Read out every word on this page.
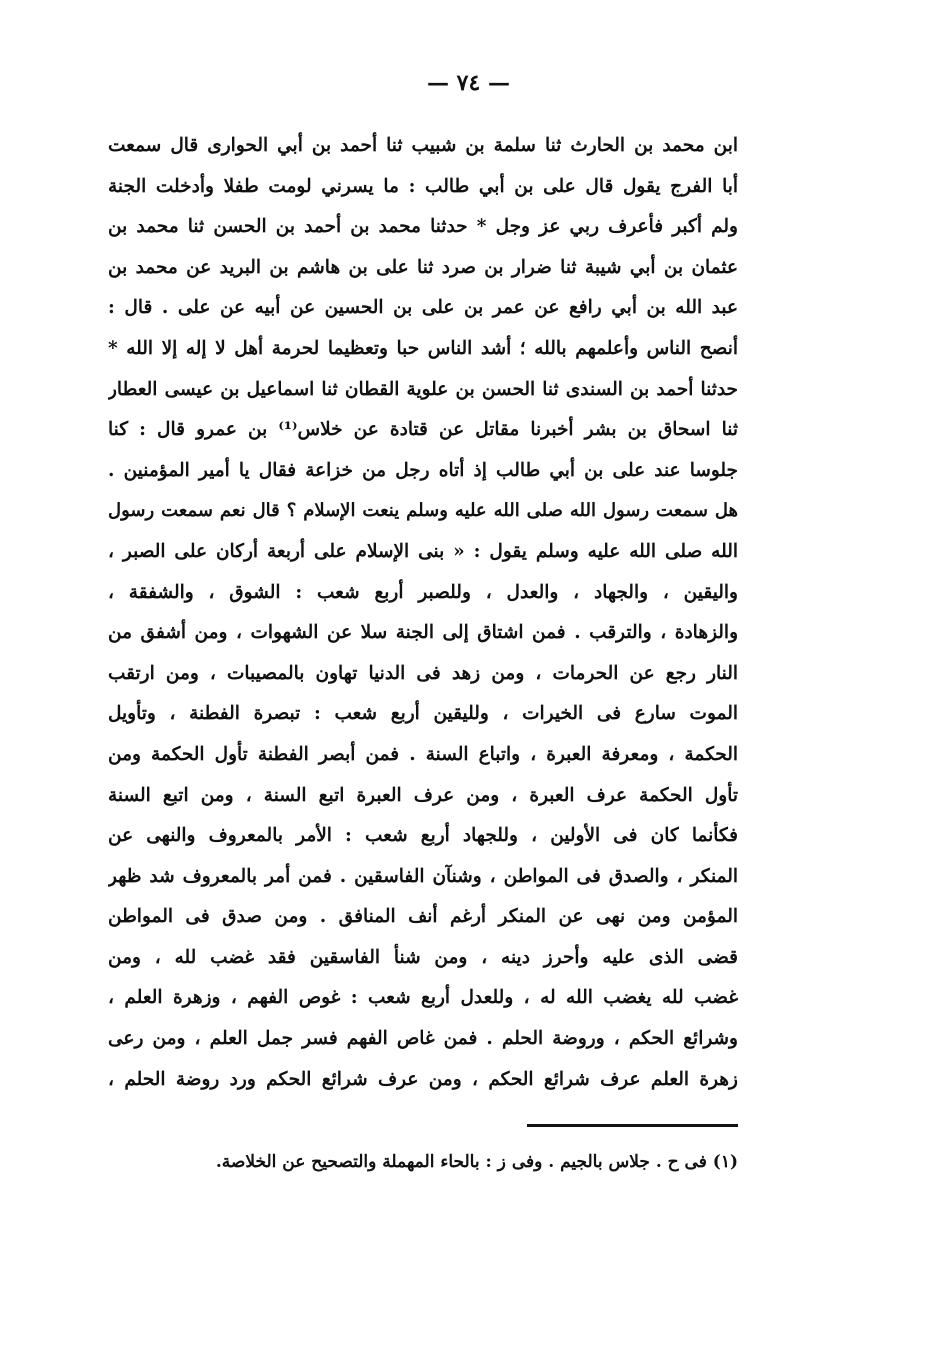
— ٧٤ —
ابن محمد بن الحارث ثنا سلمة بن شبيب ثنا أحمد بن أبي الحوارى قال سمعت
أبا الفرج يقول قال على بن أبي طالب : ما يسرني لومت طفلا وأدخلت الجنة
ولم أكبر فأعرف ربي عز وجل * حدثنا محمد بن أحمد بن الحسن ثنا محمد بن
عثمان بن أبي شيبة ثنا ضرار بن صرد ثنا على بن هاشم بن البريد عن محمد بن
عبد الله بن أبي رافع عن عمر بن على بن الحسين عن أبيه عن على . قال :
أنصح الناس وأعلمهم بالله ؛ أشد الناس حبا وتعظيما لحرمة أهل لا إله إلا الله *
حدثنا أحمد بن السندى ثنا الحسن بن علوية القطان ثنا اسماعيل بن عيسى العطار
ثنا اسحاق بن بشر أخبرنا مقاتل عن قتادة عن خلاس⁽¹⁾ بن عمرو قال : كنا
جلوسا عند على بن أبي طالب إذ أتاه رجل من خزاعة فقال يا أمير المؤمنين .
هل سمعت رسول الله صلى الله عليه وسلم ينعت الإسلام ؟ قال نعم سمعت رسول
الله صلى الله عليه وسلم يقول : « بنى الإسلام على أربعة أركان على الصبر ،
واليقين ، والجهاد ، والعدل ، وللصبر أربع شعب : الشوق ، والشفقة ،
والزهادة ، والترقب . فمن اشتاق إلى الجنة سلا عن الشهوات ، ومن أشفق من
النار رجع عن الحرمات ، ومن زهد فى الدنيا تهاون بالمصيبات ، ومن ارتقب
الموت سارع فى الخيرات ، ولليقين أربع شعب : تبصرة الفطنة ، وتأويل
الحكمة ، ومعرفة العبرة ، واتباع السنة . فمن أبصر الفطنة تأول الحكمة ومن
تأول الحكمة عرف العبرة ، ومن عرف العبرة اتبع السنة ، ومن اتبع السنة
فكأنما كان فى الأولين ، وللجهاد أربع شعب : الأمر بالمعروف والنهى عن
المنكر ، والصدق فى المواطن ، وشنآن الفاسقين . فمن أمر بالمعروف شد ظهر
المؤمن ومن نهى عن المنكر أرغم أنف المنافق . ومن صدق فى المواطن
قضى الذى عليه وأحرز دينه ، ومن شنأ الفاسقين فقد غضب لله ، ومن
غضب لله يغضب الله له ، وللعدل أربع شعب : غوص الفهم ، وزهرة العلم ،
وشرائع الحكم ، وروضة الحلم . فمن غاص الفهم فسر جمل العلم ، ومن رعى
زهرة العلم عرف شرائع الحكم ، ومن عرف شرائع الحكم ورد روضة الحلم ،
(١) فى ح . جلاس بالجيم . وفى ز : بالحاء المهملة والتصحيح عن الخلاصة.
